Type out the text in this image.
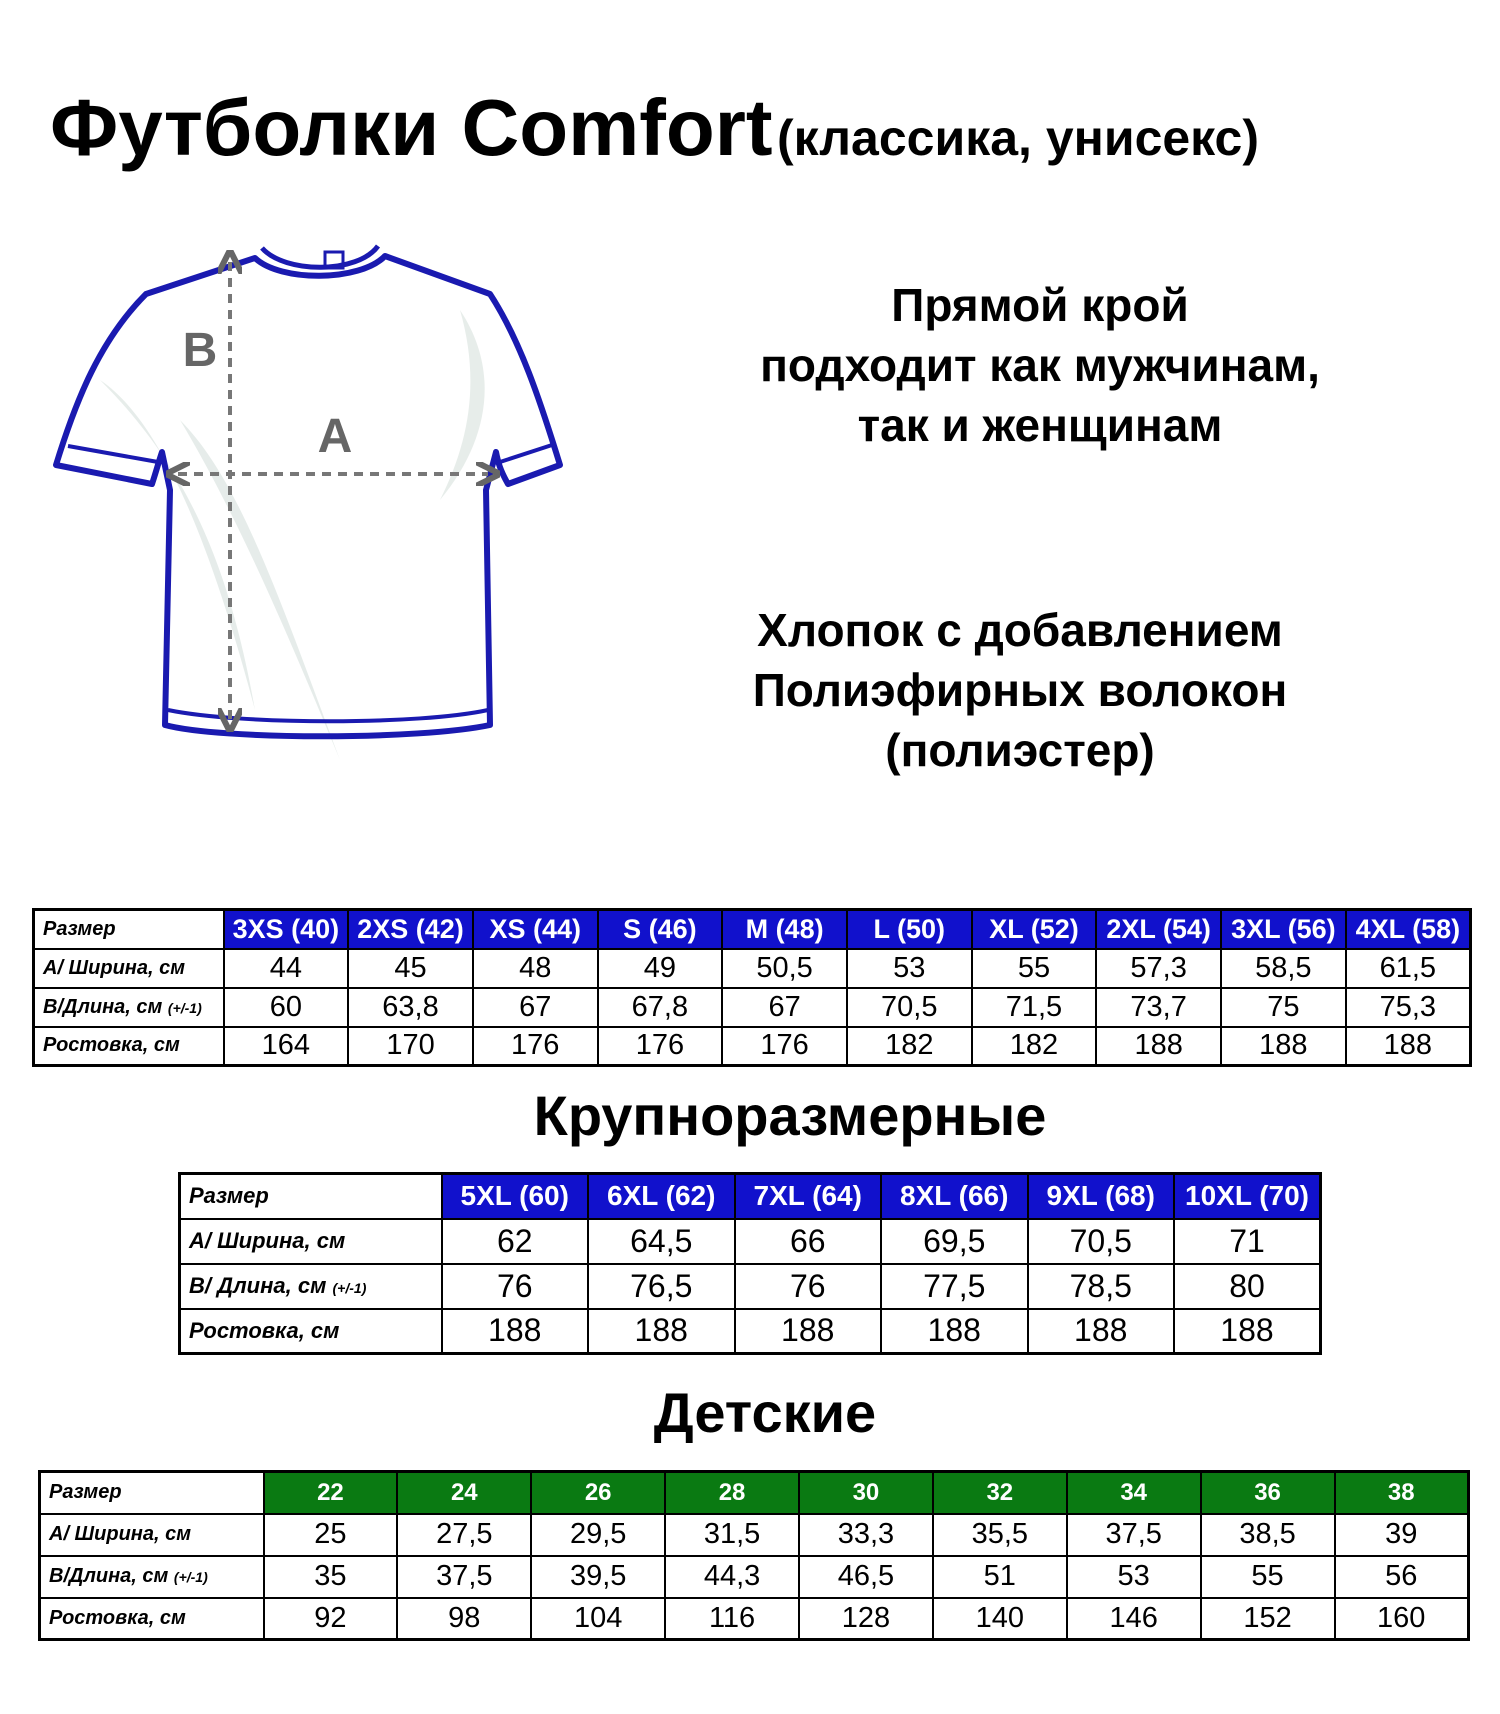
Футболки Comfort (классика, унисекс)
B
A
Прямой крой
подходит как мужчинам,
так и женщинам
Хлопок с добавлением
Полиэфирных волокон
(полиэстер)
Размер	3XS (40)	2XS (42)	XS (44)	S (46)	M (48)	L (50)	XL (52)	2XL (54)	3XL (56)	4XL (58)
А/ Ширина, см	44	45	48	49	50,5	53	55	57,3	58,5	61,5
В/Длина, см (+/-1)	60	63,8	67	67,8	67	70,5	71,5	73,7	75	75,3
Ростовка, см	164	170	176	176	176	182	182	188	188	188
Крупноразмерные
Размер	5XL (60)	6XL (62)	7XL (64)	8XL (66)	9XL (68)	10XL (70)
А/ Ширина, см	62	64,5	66	69,5	70,5	71
В/ Длина, см (+/-1)	76	76,5	76	77,5	78,5	80
Ростовка, см	188	188	188	188	188	188
Детские
Размер	22	24	26	28	30	32	34	36	38
А/ Ширина, см	25	27,5	29,5	31,5	33,3	35,5	37,5	38,5	39
В/Длина, см (+/-1)	35	37,5	39,5	44,3	46,5	51	53	55	56
Ростовка, см	92	98	104	116	128	140	146	152	160
